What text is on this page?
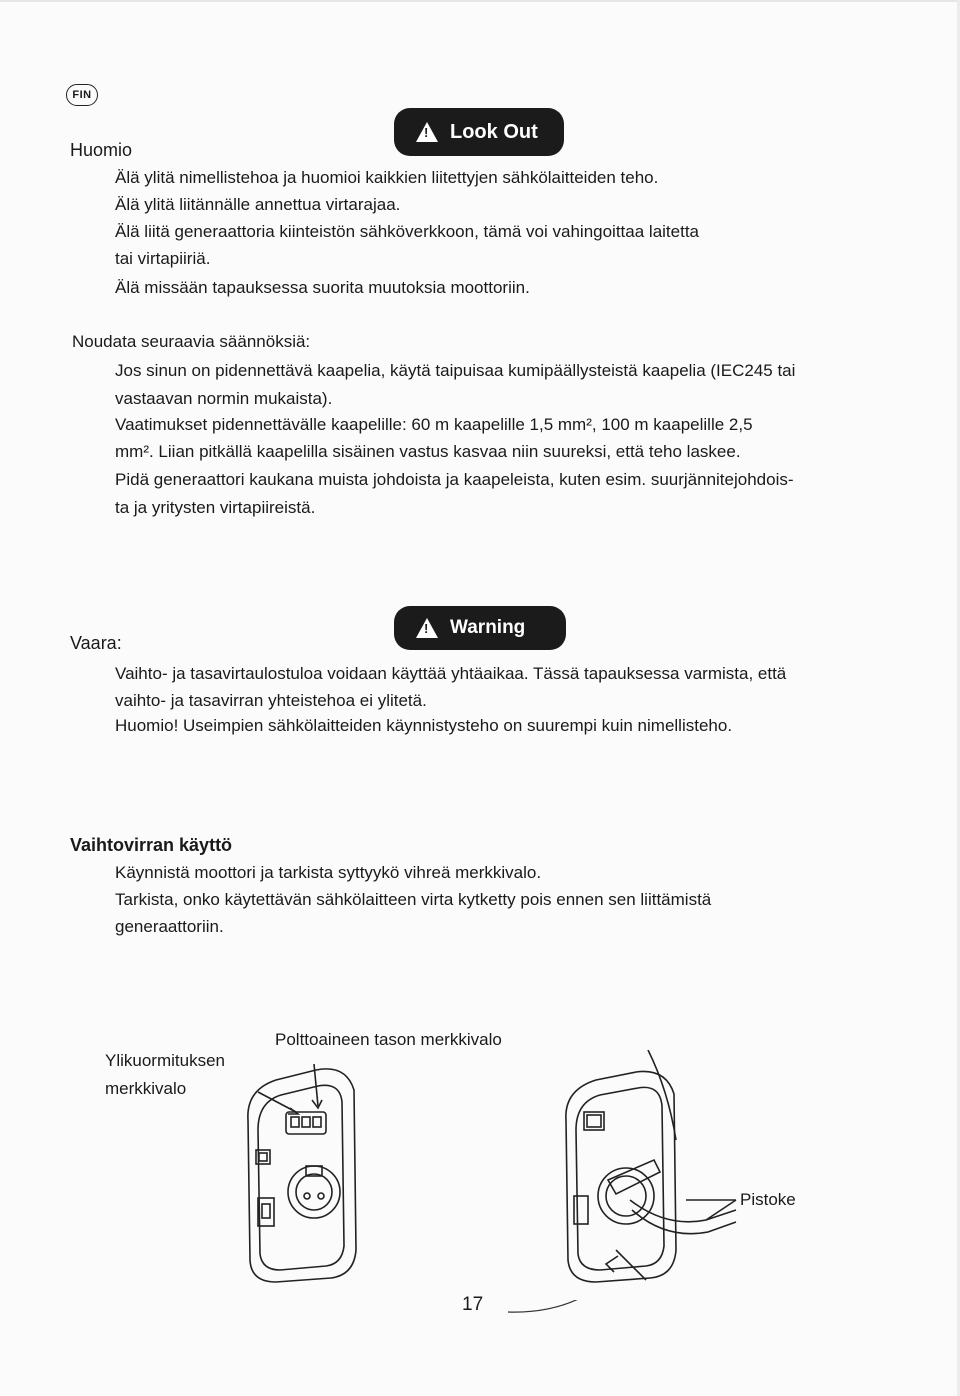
FIN
! Look Out
Huomio
Älä ylitä nimellistehoa ja huomioi kaikkien liitettyjen sähkölaitteiden teho.
Älä ylitä liitännälle annettua virtarajaa.
Älä liitä generaattoria kiinteistön sähköverkkoon, tämä voi vahingoittaa laitetta
tai virtapiiriä.
Älä missään tapauksessa suorita muutoksia moottoriin.
Noudata seuraavia säännöksiä:
Jos sinun on pidennettävä kaapelia, käytä taipuisaa kumipäällysteistä kaapelia (IEC245 tai
vastaavan normin mukaista).
Vaatimukset pidennettävälle kaapelille: 60 m kaapelille 1,5 mm², 100 m kaapelille 2,5
mm². Liian pitkällä kaapelilla sisäinen vastus kasvaa niin suureksi, että teho laskee.
Pidä generaattori kaukana muista johdoista ja kaapeleista, kuten esim. suurjännitejohdois-
ta ja yritysten virtapiireistä.
! Warning
Vaara:
Vaihto- ja tasavirtaulostuloa voidaan käyttää yhtäaikaa. Tässä tapauksessa varmista, että
vaihto- ja tasavirran yhteistehoa ei ylitetä.
Huomio! Useimpien sähkölaitteiden käynnistysteho on suurempi kuin nimellisteho.
Vaihtovirran käyttö
Käynnistä moottori ja tarkista syttyykö vihreä merkkivalo.
Tarkista, onko käytettävän sähkölaitteen virta kytketty pois ennen sen liittämistä
generaattoriin.
Ylikuormituksen
merkkivalo
Polttoaineen tason merkkivalo
Pistoke
17
